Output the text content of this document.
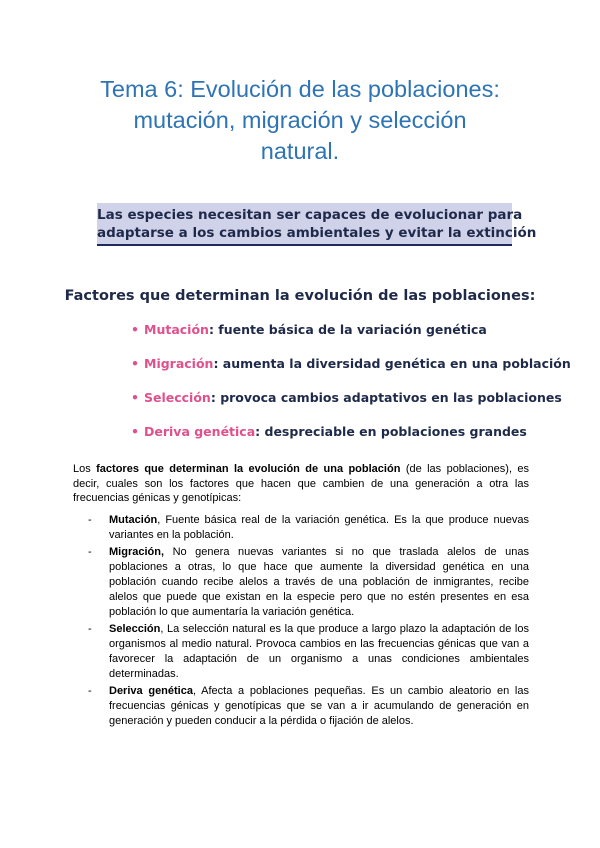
Tema 6: Evolución de las poblaciones:
mutación, migración y selección
natural.
Las especies necesitan ser capaces de evolucionar para
adaptarse a los cambios ambientales y evitar la extinción
Factores que determinan la evolución de las poblaciones:
• Mutación: fuente básica de la variación genética
• Migración: aumenta la diversidad genética en una población
• Selección: provoca cambios adaptativos en las poblaciones
• Deriva genética: despreciable en poblaciones grandes

Los factores que determinan la evolución de una población (de las poblaciones), es decir, cuales son los factores que hacen que cambien de una generación a otra las frecuencias génicas y genotípicas:

- Mutación, Fuente básica real de la variación genética. Es la que produce nuevas variantes en la población.
- Migración, No genera nuevas variantes si no que traslada alelos de unas poblaciones a otras, lo que hace que aumente la diversidad genética en una población cuando recibe alelos a través de una población de inmigrantes, recibe alelos que puede que existan en la especie pero que no estén presentes en esa población lo que aumentaría la variación genética.
- Selección, La selección natural es la que produce a largo plazo la adaptación de los organismos al medio natural. Provoca cambios en las frecuencias génicas que van a favorecer la adaptación de un organismo a unas condiciones ambientales determinadas.
- Deriva genética, Afecta a poblaciones pequeñas. Es un cambio aleatorio en las frecuencias génicas y genotípicas que se van a ir acumulando de generación en generación y pueden conducir a la pérdida o fijación de alelos.
